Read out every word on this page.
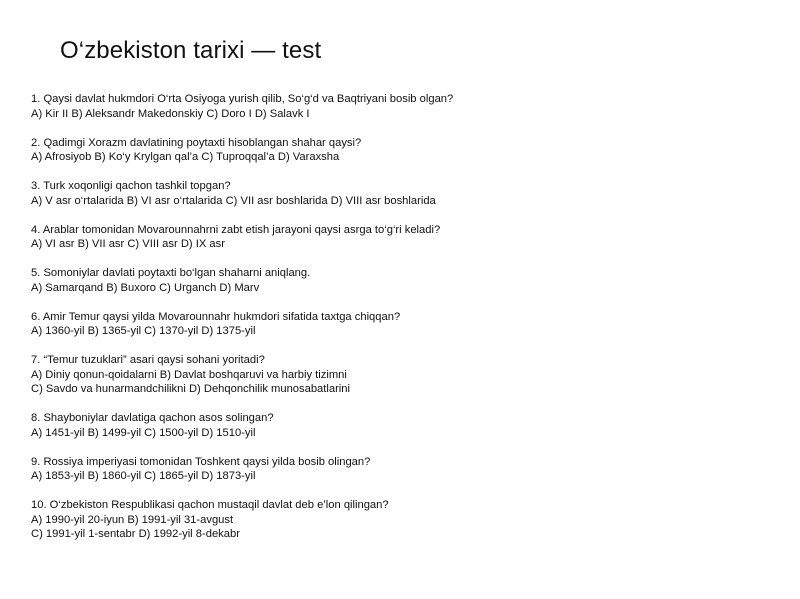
O‘zbekiston tarixi — test
1. Qaysi davlat hukmdori O‘rta Osiyoga yurish qilib, So‘g‘d va Baqtriyani bosib olgan?
A) Kir II B) Aleksandr Makedonskiy C) Doro I D) Salavk I
2. Qadimgi Xorazm davlatining poytaxti hisoblangan shahar qaysi?
A) Afrosiyob B) Ko‘y Krylgan qal’a C) Tuproqqal’a D) Varaxsha
3. Turk xoqonligi qachon tashkil topgan?
A) V asr o‘rtalarida B) VI asr o‘rtalarida C) VII asr boshlarida D) VIII asr boshlarida
4. Arablar tomonidan Movarounnahrni zabt etish jarayoni qaysi asrga to‘g‘ri keladi?
A) VI asr B) VII asr C) VIII asr D) IX asr
5. Somoniylar davlati poytaxti bo‘lgan shaharni aniqlang.
A) Samarqand B) Buxoro C) Urganch D) Marv
6. Amir Temur qaysi yilda Movarounnahr hukmdori sifatida taxtga chiqqan?
A) 1360-yil B) 1365-yil C) 1370-yil D) 1375-yil
7. “Temur tuzuklari” asari qaysi sohani yoritadi?
A) Diniy qonun-qoidalarni B) Davlat boshqaruvi va harbiy tizimni
C) Savdo va hunarmandchilikni D) Dehqonchilik munosabatlarini
8. Shayboniylar davlatiga qachon asos solingan?
A) 1451-yil B) 1499-yil C) 1500-yil D) 1510-yil
9. Rossiya imperiyasi tomonidan Toshkent qaysi yilda bosib olingan?
A) 1853-yil B) 1860-yil C) 1865-yil D) 1873-yil
10. O‘zbekiston Respublikasi qachon mustaqil davlat deb e’lon qilingan?
A) 1990-yil 20-iyun B) 1991-yil 31-avgust
C) 1991-yil 1-sentabr D) 1992-yil 8-dekabr
